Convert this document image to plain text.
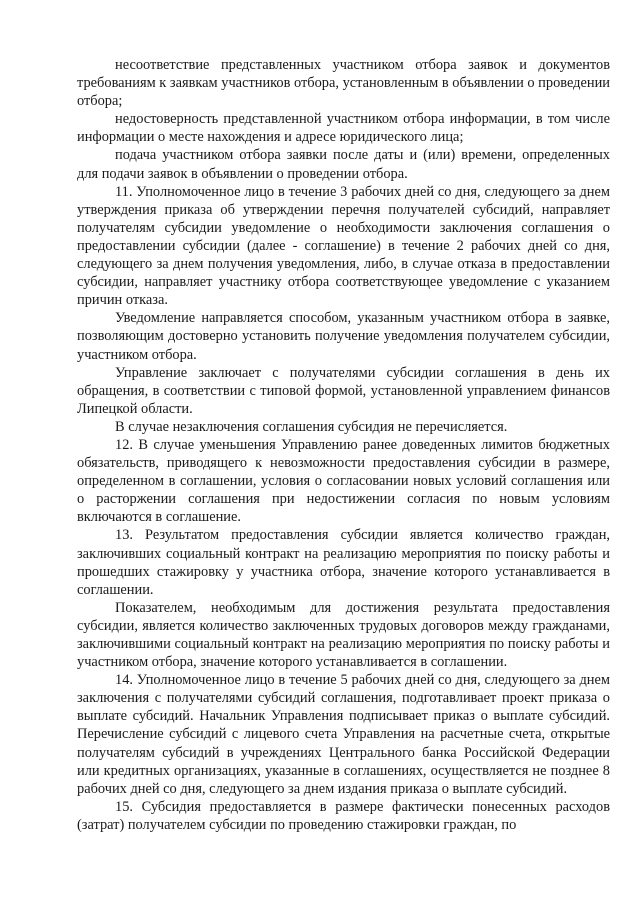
несоответствие представленных участником отбора заявок и документов требованиям к заявкам участников отбора, установленным в объявлении о проведении отбора;

недостоверность представленной участником отбора информации, в том числе информации о месте нахождения и адресе юридического лица;

подача участником отбора заявки после даты и (или) времени, определенных для подачи заявок в объявлении о проведении отбора.

11. Уполномоченное лицо в течение 3 рабочих дней со дня, следующего за днем утверждения приказа об утверждении перечня получателей субсидий, направляет получателям субсидии уведомление о необходимости заключения соглашения о предоставлении субсидии (далее - соглашение) в течение 2 рабочих дней со дня, следующего за днем получения уведомления, либо, в случае отказа в предоставлении субсидии, направляет участнику отбора соответствующее уведомление с указанием причин отказа.

Уведомление направляется способом, указанным участником отбора в заявке, позволяющим достоверно установить получение уведомления получателем субсидии, участником отбора.

Управление заключает с получателями субсидии соглашения в день их обращения, в соответствии с типовой формой, установленной управлением финансов Липецкой области.

В случае незаключения соглашения субсидия не перечисляется.

12. В случае уменьшения Управлению ранее доведенных лимитов бюджетных обязательств, приводящего к невозможности предоставления субсидии в размере, определенном в соглашении, условия о согласовании новых условий соглашения или о расторжении соглашения при недостижении согласия по новым условиям включаются в соглашение.

13. Результатом предоставления субсидии является количество граждан, заключивших социальный контракт на реализацию мероприятия по поиску работы и прошедших стажировку у участника отбора, значение которого устанавливается в соглашении.

Показателем, необходимым для достижения результата предоставления субсидии, является количество заключенных трудовых договоров между гражданами, заключившими социальный контракт на реализацию мероприятия по поиску работы и участником отбора, значение которого устанавливается в соглашении.

14. Уполномоченное лицо в течение 5 рабочих дней со дня, следующего за днем заключения с получателями субсидий соглашения, подготавливает проект приказа о выплате субсидий. Начальник Управления подписывает приказ о выплате субсидий. Перечисление субсидий с лицевого счета Управления на расчетные счета, открытые получателям субсидий в учреждениях Центрального банка Российской Федерации или кредитных организациях, указанные в соглашениях, осуществляется не позднее 8 рабочих дней со дня, следующего за днем издания приказа о выплате субсидий.

15. Субсидия предоставляется в размере фактически понесенных расходов (затрат) получателем субсидии по проведению стажировки граждан, по
